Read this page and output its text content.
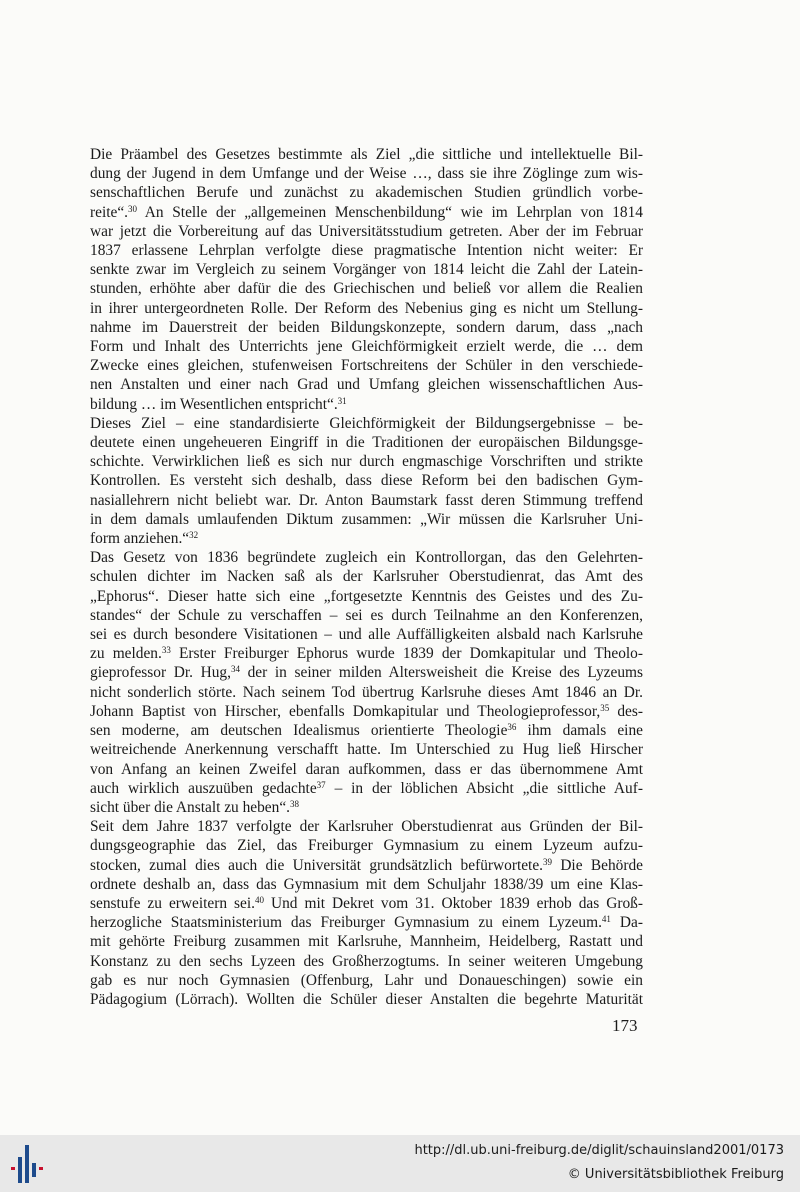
Die Präambel des Gesetzes bestimmte als Ziel „die sittliche und intellektuelle Bil-
dung der Jugend in dem Umfange und der Weise …, dass sie ihre Zöglinge zum wis-
senschaftlichen Berufe und zunächst zu akademischen Studien gründlich vorbe-
reite“.$^{30}$ An Stelle der „allgemeinen Menschenbildung“ wie im Lehrplan von 1814
war jetzt die Vorbereitung auf das Universitätsstudium getreten. Aber der im Februar
1837 erlassene Lehrplan verfolgte diese pragmatische Intention nicht weiter: Er
senkte zwar im Vergleich zu seinem Vorgänger von 1814 leicht die Zahl der Latein-
stunden, erhöhte aber dafür die des Griechischen und beließ vor allem die Realien
in ihrer untergeordneten Rolle. Der Reform des Nebenius ging es nicht um Stellung-
nahme im Dauerstreit der beiden Bildungskonzepte, sondern darum, dass „nach
Form und Inhalt des Unterrichts jene Gleichförmigkeit erzielt werde, die … dem
Zwecke eines gleichen, stufenweisen Fortschreitens der Schüler in den verschiede-
nen Anstalten und einer nach Grad und Umfang gleichen wissenschaftlichen Aus-
bildung … im Wesentlichen entspricht“.$^{31}$
Dieses Ziel – eine standardisierte Gleichförmigkeit der Bildungsergebnisse – be-
deutete einen ungeheueren Eingriff in die Traditionen der europäischen Bildungsge-
schichte. Verwirklichen ließ es sich nur durch engmaschige Vorschriften und strikte
Kontrollen. Es versteht sich deshalb, dass diese Reform bei den badischen Gym-
nasiallehrern nicht beliebt war. Dr. Anton Baumstark fasst deren Stimmung treffend
in dem damals umlaufenden Diktum zusammen: „Wir müssen die Karlsruher Uni-
form anziehen.“$^{32}$
Das Gesetz von 1836 begründete zugleich ein Kontrollorgan, das den Gelehrten-
schulen dichter im Nacken saß als der Karlsruher Oberstudienrat, das Amt des
„Ephorus“. Dieser hatte sich eine „fortgesetzte Kenntnis des Geistes und des Zu-
standes“ der Schule zu verschaffen – sei es durch Teilnahme an den Konferenzen,
sei es durch besondere Visitationen – und alle Auffälligkeiten alsbald nach Karlsruhe
zu melden.$^{33}$ Erster Freiburger Ephorus wurde 1839 der Domkapitular und Theolo-
gieprofessor Dr. Hug,$^{34}$ der in seiner milden Altersweisheit die Kreise des Lyzeums
nicht sonderlich störte. Nach seinem Tod übertrug Karlsruhe dieses Amt 1846 an Dr.
Johann Baptist von Hirscher, ebenfalls Domkapitular und Theologieprofessor,$^{35}$ des-
sen moderne, am deutschen Idealismus orientierte Theologie$^{36}$ ihm damals eine
weitreichende Anerkennung verschafft hatte. Im Unterschied zu Hug ließ Hirscher
von Anfang an keinen Zweifel daran aufkommen, dass er das übernommene Amt
auch wirklich auszuüben gedachte$^{37}$ – in der löblichen Absicht „die sittliche Auf-
sicht über die Anstalt zu heben“.$^{38}$
Seit dem Jahre 1837 verfolgte der Karlsruher Oberstudienrat aus Gründen der Bil-
dungsgeographie das Ziel, das Freiburger Gymnasium zu einem Lyzeum aufzu-
stocken, zumal dies auch die Universität grundsätzlich befürwortete.$^{39}$ Die Behörde
ordnete deshalb an, dass das Gymnasium mit dem Schuljahr 1838/39 um eine Klas-
senstufe zu erweitern sei.$^{40}$ Und mit Dekret vom 31. Oktober 1839 erhob das Groß-
herzogliche Staatsministerium das Freiburger Gymnasium zu einem Lyzeum.$^{41}$ Da-
mit gehörte Freiburg zusammen mit Karlsruhe, Mannheim, Heidelberg, Rastatt und
Konstanz zu den sechs Lyzeen des Großherzogtums. In seiner weiteren Umgebung
gab es nur noch Gymnasien (Offenburg, Lahr und Donaueschingen) sowie ein
Pädagogium (Lörrach). Wollten die Schüler dieser Anstalten die begehrte Maturität
173
http://dl.ub.uni-freiburg.de/diglit/schauinsland2001/0173
© Universitätsbibliothek Freiburg
